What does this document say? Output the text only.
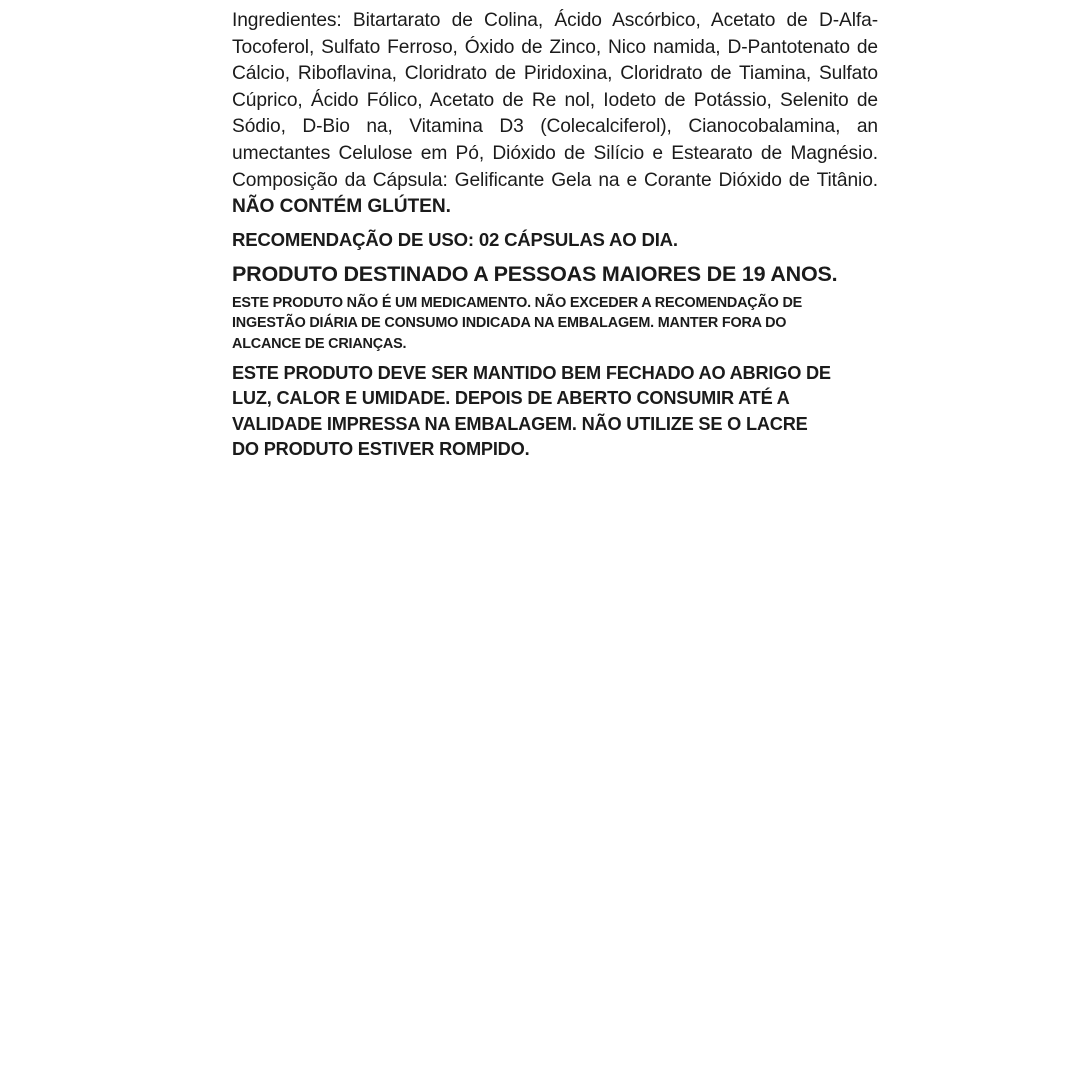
Ingredientes: Bitartarato de Colina, Ácido Ascórbico, Acetato de D-Alfa-Tocoferol, Sulfato Ferroso, Óxido de Zinco, Nico namida, D-Pantotenato de Cálcio, Riboflavina, Cloridrato de Piridoxina, Cloridrato de Tiamina, Sulfato Cúprico, Ácido Fólico, Acetato de Re nol, Iodeto de Potássio, Selenito de Sódio, D-Bio na, Vitamina D3 (Colecalciferol), Cianocobalamina, an umectantes Celulose em Pó, Dióxido de Silício e Estearato de Magnésio. Composição da Cápsula: Gelificante Gela na e Corante Dióxido de Titânio. NÃO CONTÉM GLÚTEN.

RECOMENDAÇÃO DE USO: 02 CÁPSULAS AO DIA.

PRODUTO DESTINADO A PESSOAS MAIORES DE 19 ANOS.

ESTE PRODUTO NÃO É UM MEDICAMENTO. NÃO EXCEDER A RECOMENDAÇÃO DE INGESTÃO DIÁRIA DE CONSUMO INDICADA NA EMBALAGEM. MANTER FORA DO ALCANCE DE CRIANÇAS.

ESTE PRODUTO DEVE SER MANTIDO BEM FECHADO AO ABRIGO DE LUZ, CALOR E UMIDADE. DEPOIS DE ABERTO CONSUMIR ATÉ A VALIDADE IMPRESSA NA EMBALAGEM. NÃO UTILIZE SE O LACRE DO PRODUTO ESTIVER ROMPIDO.
